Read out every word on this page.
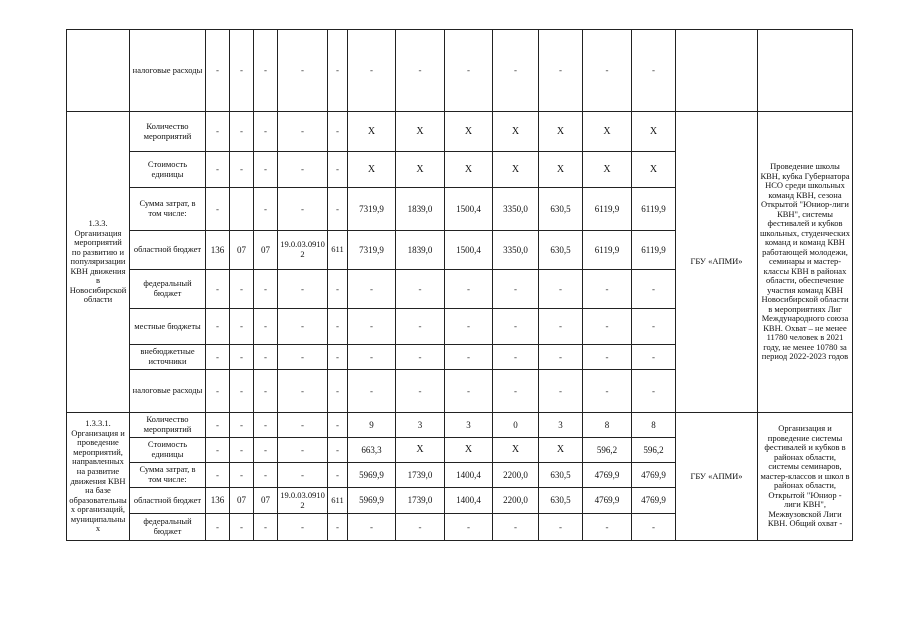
	налоговые расходы	-	-	-	-	-	-	-	-	-	-	-	-		
1.3.3. Организация мероприятий по развитию и популяризации КВН движения в Новосибирской области	Количество мероприятий	-	-	-	-	-	X	X	X	X	X	X	X	ГБУ «АПМИ»	Проведение школы КВН, кубка Губернатора НСО среди школьных команд КВН, сезона Открытой "Юниор-лиги КВН", системы фестивалей и кубков школьных, студенческих команд и команд КВН работающей молодежи, семинары и мастер-классы КВН в районах области, обеспечение участия команд КВН Новосибирской области в мероприятиях Лиг Международного союза КВН. Охват – не менее 11780 человек в 2021 году, не менее 10780 за период 2022-2023 годов
	Стоимость единицы	-	-	-	-	-	X	X	X	X	X	X	X		
	Сумма затрат, в том числе:	-		-	-	-	7319,9	1839,0	1500,4	3350,0	630,5	6119,9	6119,9		
	областной бюджет	136	07	07	19.0.03.09102	611	7319,9	1839,0	1500,4	3350,0	630,5	6119,9	6119,9		
	федеральный бюджет	-	-	-	-	-	-	-	-	-	-	-	-		
	местные бюджеты	-	-	-	-	-	-	-	-	-	-	-	-		
	внебюджетные источники	-	-	-	-	-	-	-	-	-	-	-	-		
	налоговые расходы	-	-	-	-	-	-	-	-	-	-	-	-		
1.3.3.1. Организация и проведение мероприятий, направленных на развитие движения КВН на базе образовательных организаций, муниципальных	Количество мероприятий	-	-	-	-	-	9	3	3	0	3	8	8	ГБУ «АПМИ»	Организация и проведение системы фестивалей и кубков в районах области, системы семинаров, мастер-классов и школ в районах области, Открытой "Юниор - лиги КВН", Межвузовской Лиги КВН. Общий охват -
	Стоимость единицы	-	-	-	-	-	663,3	X	X	X	X	596,2	596,2		
	Сумма затрат, в том числе:	-	-	-	-	-	5969,9	1739,0	1400,4	2200,0	630,5	4769,9	4769,9		
	областной бюджет	136	07	07	19.0.03.09102	611	5969,9	1739,0	1400,4	2200,0	630,5	4769,9	4769,9		
	федеральный бюджет	-	-	-	-	-	-	-	-	-	-	-	-		
